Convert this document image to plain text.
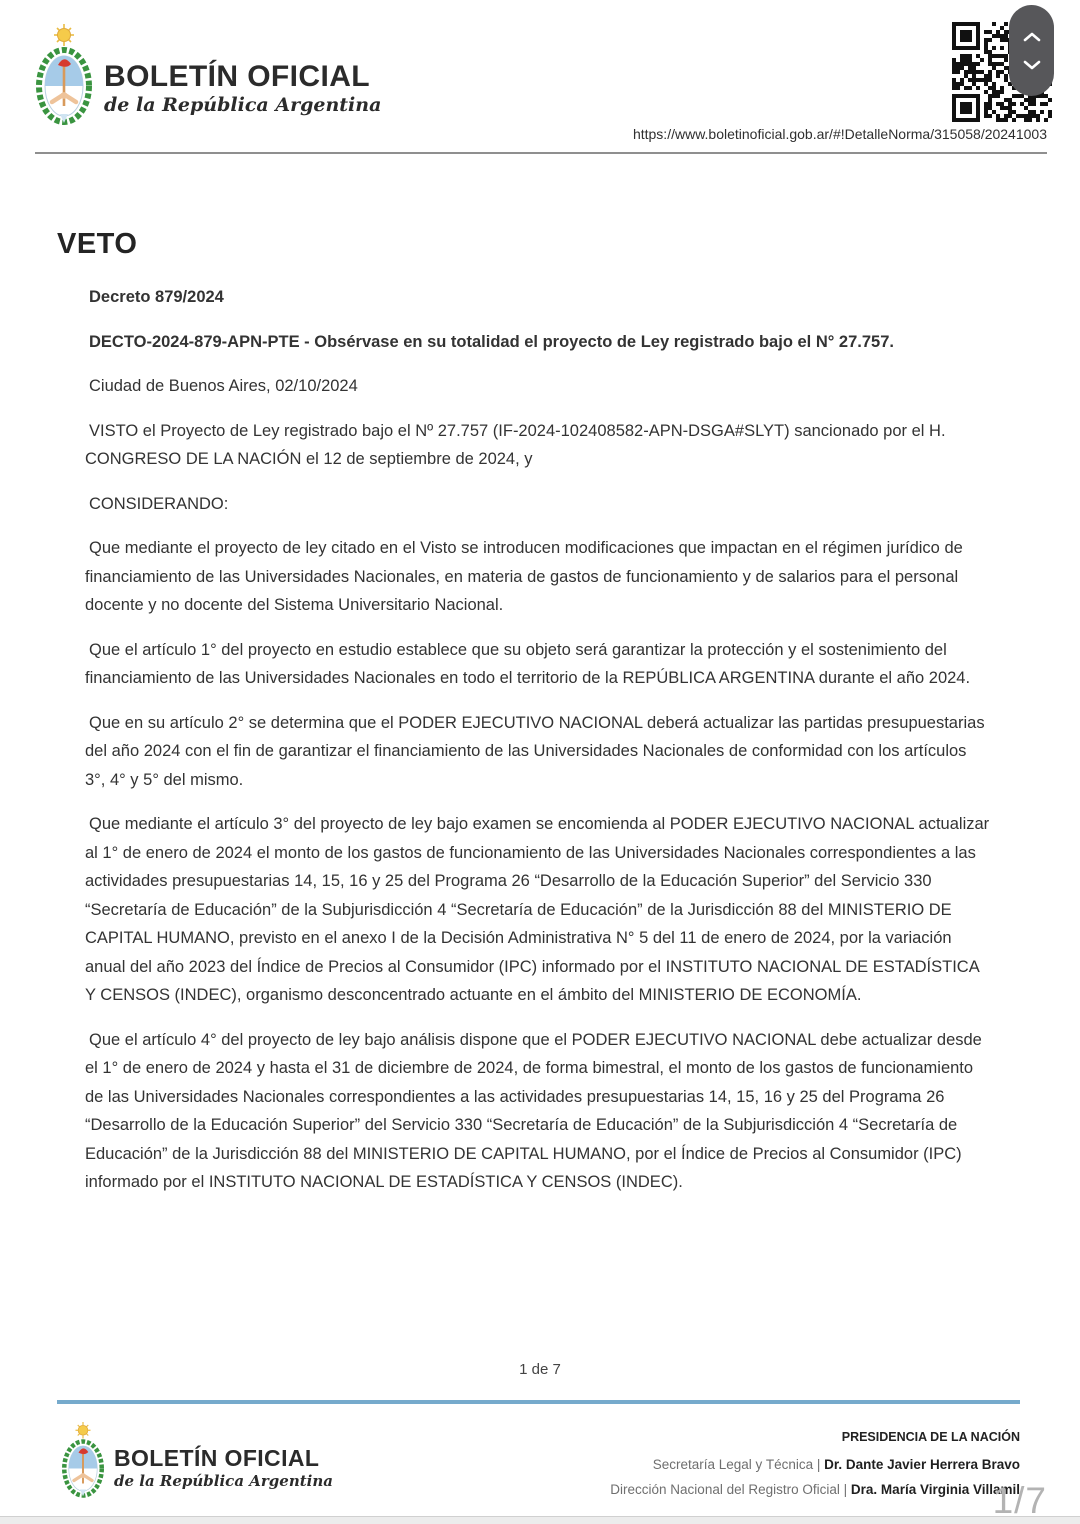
BOLETÍN OFICIAL
de la República Argentina
https://www.boletinoficial.gob.ar/#!DetalleNorma/315058/20241003
VETO

Decreto 879/2024

DECTO-2024-879-APN-PTE - Obsérvase en su totalidad el proyecto de Ley registrado bajo el N° 27.757.

Ciudad de Buenos Aires, 02/10/2024

VISTO el Proyecto de Ley registrado bajo el Nº 27.757 (IF-2024-102408582-APN-DSGA#SLYT) sancionado por el H. CONGRESO DE LA NACIÓN el 12 de septiembre de 2024, y

CONSIDERANDO:

Que mediante el proyecto de ley citado en el Visto se introducen modificaciones que impactan en el régimen jurídico de financiamiento de las Universidades Nacionales, en materia de gastos de funcionamiento y de salarios para el personal docente y no docente del Sistema Universitario Nacional.

Que el artículo 1° del proyecto en estudio establece que su objeto será garantizar la protección y el sostenimiento del financiamiento de las Universidades Nacionales en todo el territorio de la REPÚBLICA ARGENTINA durante el año 2024.

Que en su artículo 2° se determina que el PODER EJECUTIVO NACIONAL deberá actualizar las partidas presupuestarias del año 2024 con el fin de garantizar el financiamiento de las Universidades Nacionales de conformidad con los artículos 3°, 4° y 5° del mismo.

Que mediante el artículo 3° del proyecto de ley bajo examen se encomienda al PODER EJECUTIVO NACIONAL actualizar al 1° de enero de 2024 el monto de los gastos de funcionamiento de las Universidades Nacionales correspondientes a las actividades presupuestarias 14, 15, 16 y 25 del Programa 26 “Desarrollo de la Educación Superior” del Servicio 330 “Secretaría de Educación” de la Subjurisdicción 4 “Secretaría de Educación” de la Jurisdicción 88 del MINISTERIO DE CAPITAL HUMANO, previsto en el anexo I de la Decisión Administrativa N° 5 del 11 de enero de 2024, por la variación anual del año 2023 del Índice de Precios al Consumidor (IPC) informado por el INSTITUTO NACIONAL DE ESTADÍSTICA Y CENSOS (INDEC), organismo desconcentrado actuante en el ámbito del MINISTERIO DE ECONOMÍA.

Que el artículo 4° del proyecto de ley bajo análisis dispone que el PODER EJECUTIVO NACIONAL debe actualizar desde el 1° de enero de 2024 y hasta el 31 de diciembre de 2024, de forma bimestral, el monto de los gastos de funcionamiento de las Universidades Nacionales correspondientes a las actividades presupuestarias 14, 15, 16 y 25 del Programa 26 “Desarrollo de la Educación Superior” del Servicio 330 “Secretaría de Educación” de la Subjurisdicción 4 “Secretaría de Educación” de la Jurisdicción 88 del MINISTERIO DE CAPITAL HUMANO, por el Índice de Precios al Consumidor (IPC) informado por el INSTITUTO NACIONAL DE ESTADÍSTICA Y CENSOS (INDEC).

1 de 7
BOLETÍN OFICIAL
de la República Argentina
PRESIDENCIA DE LA NACIÓN
Secretaría Legal y Técnica | Dr. Dante Javier Herrera Bravo
Dirección Nacional del Registro Oficial | Dra. María Virginia Villamil
1/7
